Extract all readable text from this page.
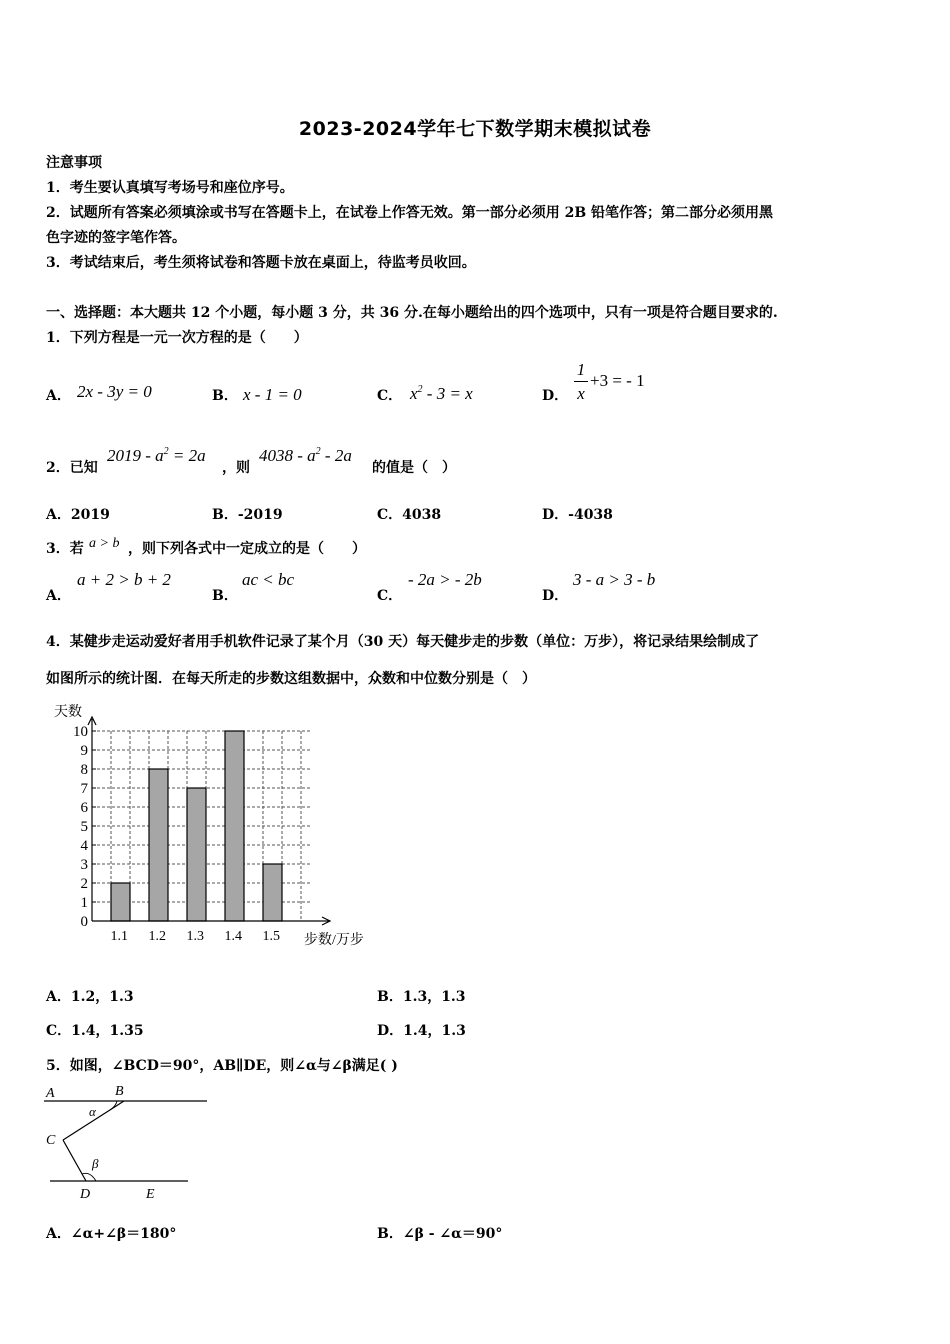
2023-2024学年七下数学期末模拟试卷
注意事项
1．考生要认真填写考场号和座位序号。
2．试题所有答案必须填涂或书写在答题卡上，在试卷上作答无效。第一部分必须用 2B 铅笔作答；第二部分必须用黑
色字迹的签字笔作答。
3．考试结束后，考生须将试卷和答题卡放在桌面上，待监考员收回。
一、选择题：本大题共 12 个小题，每小题 3 分，共 36 分.在每小题给出的四个选项中，只有一项是符合题目要求的.
1．下列方程是一元一次方程的是（　　）
A． 2x - 3y = 0	B． x - 1 = 0	C． $x^2 - 3 = x$	D．
1
x
+3 = - 1
2．已知
$2019 - a^2 = 2a$
，则
$4038 - a^2 - 2a$
的值是（　）
A．2019	B．-2019	C．4038	D．-4038
3．若 a > b ，则下列各式中一定成立的是（　　）
A．
a + 2 > b + 2
B．
ac < bc
C．
- 2a > - 2b
D．
3 - a > 3 - b
4．某健步走运动爱好者用手机软件记录了某个月（30 天）每天健步走的步数（单位：万步），将记录结果绘制成了
如图所示的统计图．在每天所走的步数这组数据中，众数和中位数分别是（　）
0
1
2
3
4
5
6
7
8
9
10
1.1 1.2 1.3 1.4 1.5
天数
步数/万步
A．1.2，1.3	B．1.3，1.3
C．1.4，1.35	D．1.4，1.3
5．如图，∠BCD＝90°，AB∥DE，则∠α与∠β满足( )
A	B
C
D	E
α
β
A．∠α+∠β＝180°	B．∠β - ∠α＝90°
